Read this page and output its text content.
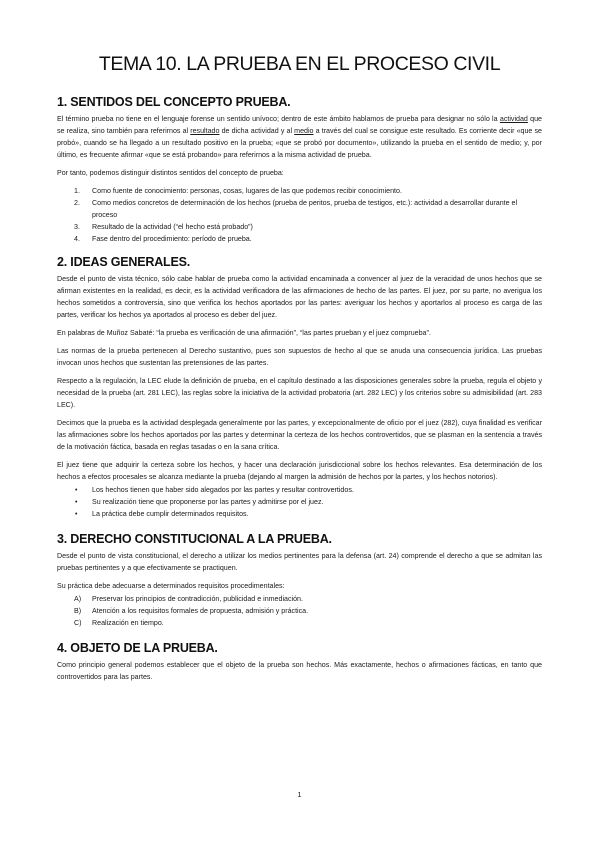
TEMA 10. LA PRUEBA EN EL PROCESO CIVIL
1. SENTIDOS DEL CONCEPTO PRUEBA.

El término prueba no tiene en el lenguaje forense un sentido unívoco; dentro de este ámbito hablamos de prueba para designar no sólo la actividad que se realiza, sino también para referirnos al resultado de dicha actividad y al medio a través del cual se consigue este resultado. Es corriente decir «que se probó», cuando se ha llegado a un resultado positivo en la prueba; «que se probó por documento», utilizando la prueba en el sentido de medio; y, por último, es frecuente afirmar «que se está probando» para referirnos a la misma actividad de prueba.

Por tanto, podemos distinguir distintos sentidos del concepto de prueba:

1. Como fuente de conocimiento: personas, cosas, lugares de las que podemos recibir conocimiento.
2. Como medios concretos de determinación de los hechos (prueba de peritos, prueba de testigos, etc.): actividad a desarrollar durante el proceso
3. Resultado de la actividad (“el hecho está probado”)
4. Fase dentro del procedimiento: período de prueba.
2. IDEAS GENERALES.

Desde el punto de vista técnico, sólo cabe hablar de prueba como la actividad encaminada a convencer al juez de la veracidad de unos hechos que se afirman existentes en la realidad, es decir, es la actividad verificadora de las afirmaciones de hecho de las partes. El juez, por su parte, no averigua los hechos sometidos a controversia, sino que verifica los hechos aportados por las partes: averiguar los hechos y aportarlos al proceso es carga de las partes, verificar los hechos ya aportados al proceso es deber del juez.

En palabras de Muñoz Sabaté: “la prueba es verificación de una afirmación”, “las partes prueban y el juez comprueba”.

Las normas de la prueba pertenecen al Derecho sustantivo, pues son supuestos de hecho al que se anuda una consecuencia jurídica. Las pruebas invocan unos hechos que sustentan las pretensiones de las partes.

Respecto a la regulación, la LEC elude la definición de prueba, en el capítulo destinado a las disposiciones generales sobre la prueba, regula el objeto y necesidad de la prueba (art. 281 LEC), las reglas sobre la iniciativa de la actividad probatoria (art. 282 LEC) y los criterios sobre su admisibilidad (art. 283 LEC).

Decimos que la prueba es la actividad desplegada generalmente por las partes, y excepcionalmente de oficio por el juez (282), cuya finalidad es verificar las afirmaciones sobre los hechos aportados por las partes y determinar la certeza de los hechos controvertidos, que se plasman en la sentencia a través de la motivación fáctica, basada en reglas tasadas o en la sana crítica.

El juez tiene que adquirir la certeza sobre los hechos, y hacer una declaración jurisdiccional sobre los hechos relevantes. Esa determinación de los hechos a efectos procesales se alcanza mediante la prueba (dejando al margen la admisión de hechos por la partes, y los hechos notorios).

• Los hechos tienen que haber sido alegados por las partes y resultar controvertidos.
• Su realización tiene que proponerse por las partes y admitirse por el juez.
• La práctica debe cumplir determinados requisitos.
3. DERECHO CONSTITUCIONAL A LA PRUEBA.

Desde el punto de vista constitucional, el derecho a utilizar los medios pertinentes para la defensa (art. 24) comprende el derecho a que se admitan las pruebas pertinentes y a que efectivamente se practiquen.

Su práctica debe adecuarse a determinados requisitos procedimentales:

A) Preservar los principios de contradicción, publicidad e inmediación.
B) Atención a los requisitos formales de propuesta, admisión y práctica.
C) Realización en tiempo.
4. OBJETO DE LA PRUEBA.

Como principio general podemos establecer que el objeto de la prueba son hechos. Más exactamente, hechos o afirmaciones fácticas, en tanto que controvertidos para las partes.

1
